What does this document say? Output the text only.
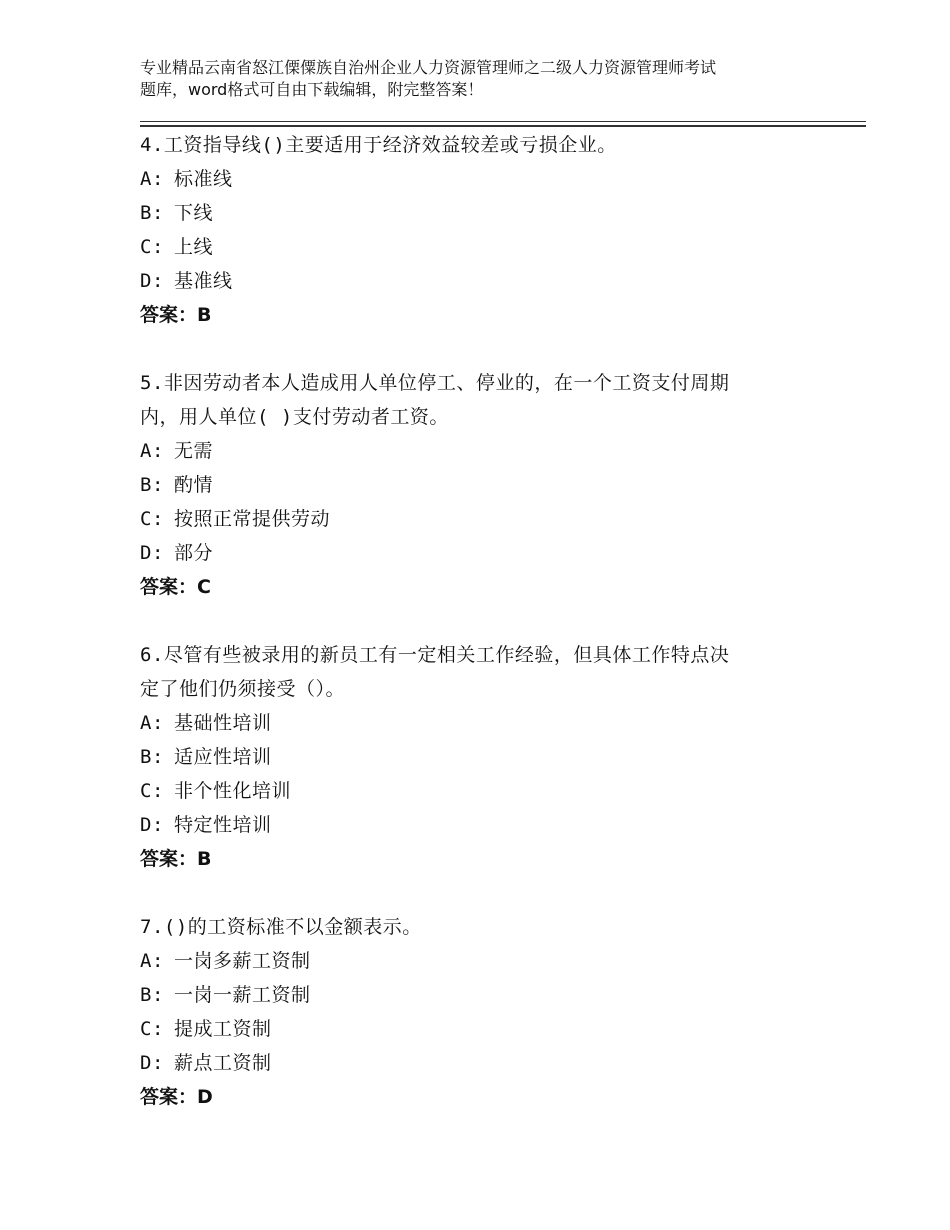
专业精品云南省怒江傈僳族自治州企业人力资源管理师之二级人力资源管理师考试
题库，word格式可自由下载编辑，附完整答案！
4.工资指导线()主要适用于经济效益较差或亏损企业。
A: 标准线
B: 下线
C: 上线
D: 基准线
答案：B
5.非因劳动者本人造成用人单位停工、停业的，在一个工资支付周期
内，用人单位( )支付劳动者工资。
A: 无需
B: 酌情
C: 按照正常提供劳动
D: 部分
答案：C
6.尽管有些被录用的新员工有一定相关工作经验，但具体工作特点决
定了他们仍须接受（）。
A: 基础性培训
B: 适应性培训
C: 非个性化培训
D: 特定性培训
答案：B
7.()的工资标准不以金额表示。
A: 一岗多薪工资制
B: 一岗一薪工资制
C: 提成工资制
D: 薪点工资制
答案：D
